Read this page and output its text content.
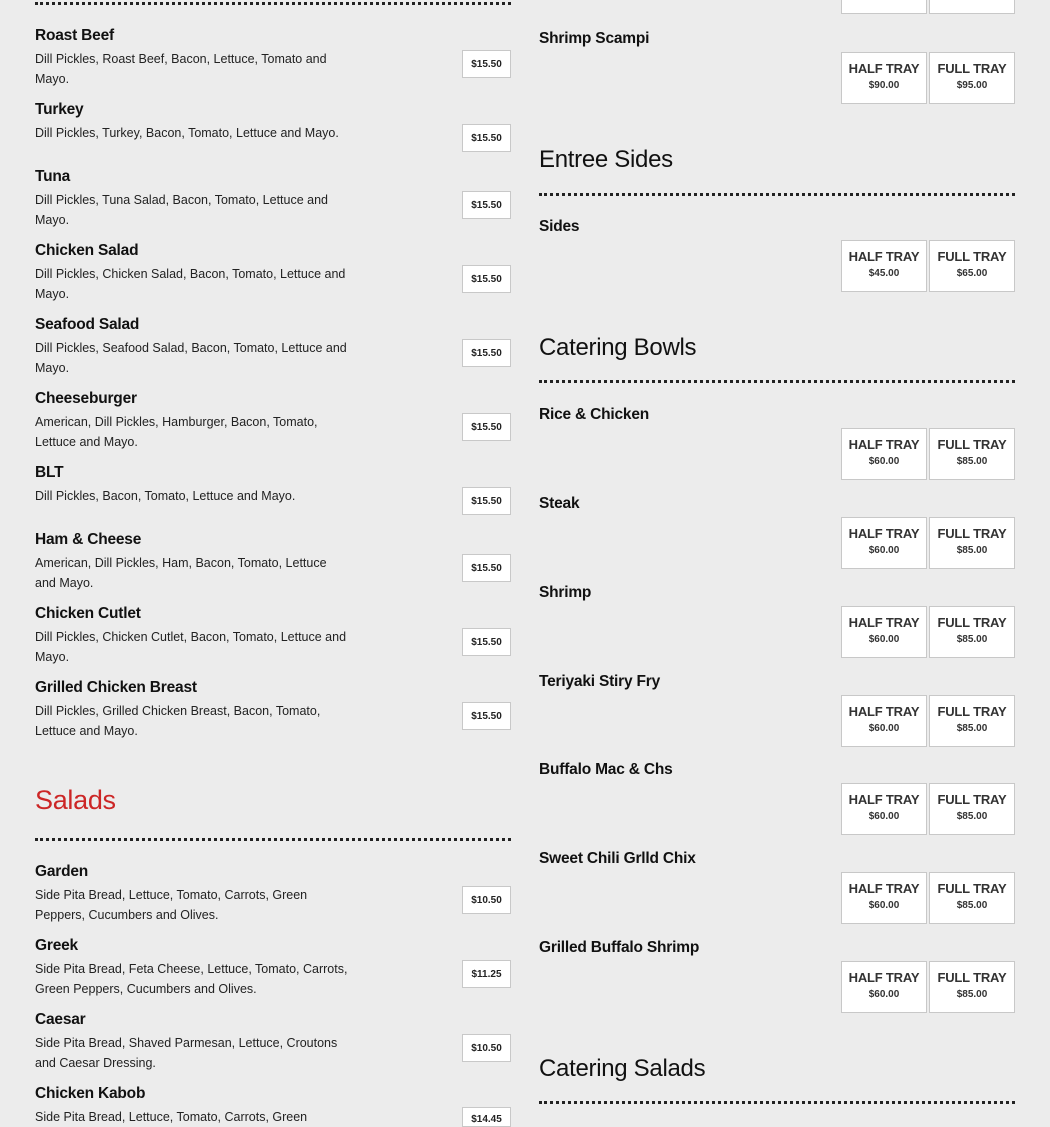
Roast Beef
Dill Pickles, Roast Beef, Bacon, Lettuce, Tomato and Mayo.
$15.50
Turkey
Dill Pickles, Turkey, Bacon, Tomato, Lettuce and Mayo.	$15.50
Tuna
Dill Pickles, Tuna Salad, Bacon, Tomato, Lettuce and Mayo.
$15.50
Chicken Salad
Dill Pickles, Chicken Salad, Bacon, Tomato, Lettuce and Mayo.
$15.50
Seafood Salad
Dill Pickles, Seafood Salad, Bacon, Tomato, Lettuce and Mayo.
$15.50
Cheeseburger
American, Dill Pickles, Hamburger, Bacon, Tomato, Lettuce and Mayo.
$15.50
BLT
Dill Pickles, Bacon, Tomato, Lettuce and Mayo.	$15.50
Ham & Cheese
American, Dill Pickles, Ham, Bacon, Tomato, Lettuce and Mayo.
$15.50
Chicken Cutlet
Dill Pickles, Chicken Cutlet, Bacon, Tomato, Lettuce and Mayo.
$15.50
Grilled Chicken Breast
Dill Pickles, Grilled Chicken Breast, Bacon, Tomato, Lettuce and Mayo.
$15.50
Salads
Garden
Side Pita Bread, Lettuce, Tomato, Carrots, Green Peppers, Cucumbers and Olives.
$10.50
Greek
Side Pita Bread, Feta Cheese, Lettuce, Tomato, Carrots, Green Peppers, Cucumbers and Olives.
$11.25
Caesar
Side Pita Bread, Shaved Parmesan, Lettuce, Croutons and Caesar Dressing.
$10.50
Chicken Kabob
Side Pita Bread, Lettuce, Tomato, Carrots, Green	$14.45
Shrimp Scampi
HALF TRAY
$90.00
FULL TRAY
$95.00
Entree Sides
Sides
HALF TRAY
$45.00
FULL TRAY
$65.00
Catering Bowls
Rice & Chicken
HALF TRAY
$60.00
FULL TRAY
$85.00
Steak
HALF TRAY
$60.00
FULL TRAY
$85.00
Shrimp
HALF TRAY
$60.00
FULL TRAY
$85.00
Teriyaki Stiry Fry
HALF TRAY
$60.00
FULL TRAY
$85.00
Buffalo Mac & Chs
HALF TRAY
$60.00
FULL TRAY
$85.00
Sweet Chili Grlld Chix
HALF TRAY
$60.00
FULL TRAY
$85.00
Grilled Buffalo Shrimp
HALF TRAY
$60.00
FULL TRAY
$85.00
Catering Salads
